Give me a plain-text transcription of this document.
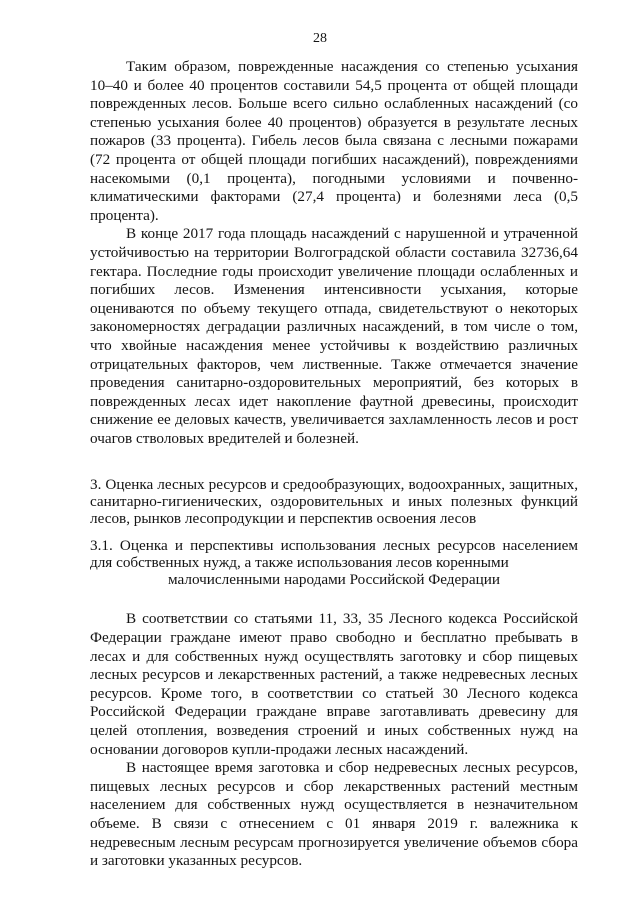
28

Таким образом, поврежденные насаждения со степенью усыхания 10–40 и более 40 процентов составили 54,5 процента от общей площади поврежденных лесов. Больше всего сильно ослабленных насаждений (со степенью усыхания более 40 процентов) образуется в результате лесных пожаров (33 процента). Гибель лесов была связана с лесными пожарами (72 процента от общей площади погибших насаждений), повреждениями насекомыми (0,1 процента), погодными условиями и почвенно-климатическими факторами (27,4 процента) и болезнями леса (0,5 процента).

В конце 2017 года площадь насаждений с нарушенной и утраченной устойчивостью на территории Волгоградской области составила 32736,64 гектара. Последние годы происходит увеличение площади ослабленных и погибших лесов. Изменения интенсивности усыхания, которые оцениваются по объему текущего отпада, свидетельствуют о некоторых закономерностях деградации различных насаждений, в том числе о том, что хвойные насаждения менее устойчивы к воздействию различных отрицательных факторов, чем лиственные. Также отмечается значение проведения санитарно-оздоровительных мероприятий, без которых в поврежденных лесах идет накопление фаутной древесины, происходит снижение ее деловых качеств, увеличивается захламленность лесов и рост очагов стволовых вредителей и болезней.

3. Оценка лесных ресурсов и средообразующих, водоохранных, защитных, санитарно-гигиенических, оздоровительных и иных полезных функций лесов, рынков лесопродукции и перспектив освоения лесов

3.1. Оценка и перспективы использования лесных ресурсов населением для собственных нужд, а также использования лесов коренными
малочисленными народами Российской Федерации

В соответствии со статьями 11, 33, 35 Лесного кодекса Российской Федерации граждане имеют право свободно и бесплатно пребывать в лесах и для собственных нужд осуществлять заготовку и сбор пищевых лесных ресурсов и лекарственных растений, а также недревесных лесных ресурсов. Кроме того, в соответствии со статьей 30 Лесного кодекса Российской Федерации граждане вправе заготавливать древесину для целей отопления, возведения строений и иных собственных нужд на основании договоров купли-продажи лесных насаждений.

В настоящее время заготовка и сбор недревесных лесных ресурсов, пищевых лесных ресурсов и сбор лекарственных растений местным населением для собственных нужд осуществляется в незначительном объеме. В связи с отнесением с 01 января 2019 г. валежника к недревесным лесным ресурсам прогнозируется увеличение объемов сбора и заготовки указанных ресурсов.
